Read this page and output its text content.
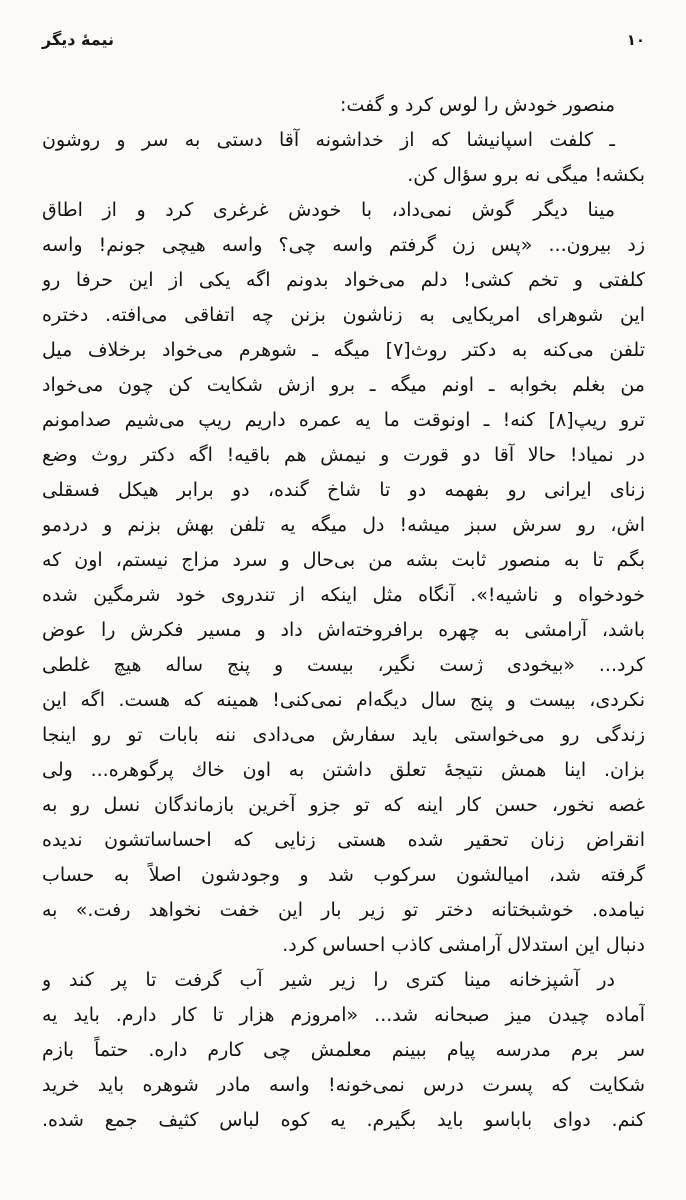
نيمهٔ ديگر	١٠
منصور خودش را لوس كرد و گفت:
ـ كلفت اسپانيشا كه از خداشونه آقا دستى به سر و روشون
بكشه! ميگى نه برو سؤال كن.
مينا ديگر گوش نمى‌داد، با خودش غرغرى كرد و از اطاق
زد بيرون... «پس زن گرفتم واسه چى؟ واسه هيچى جونم! واسه
كلفتى و تخم كشى! دلم مى‌خواد بدونم اگه يكى از اين حرفا رو
اين شوهراى امريكايى به زناشون بزنن چه اتفاقى مى‌افته. دختره
تلفن مى‌كنه به دكتر روث[٧] ميگه ـ شوهرم مى‌خواد برخلاف ميل
من بغلم بخوابه ـ اونم ميگه ـ برو ازش شكايت كن چون مى‌خواد
ترو ريپ[٨] كنه! ـ اونوقت ما يه عمره داريم ريپ مى‌شيم صدامونم
در نمياد! حالا آقا دو قورت و نيمش هم باقيه! اگه دكتر روث وضع
زناى ايرانى رو بفهمه دو تا شاخ گنده، دو برابر هيكل فسقلى
اش، رو سرش سبز ميشه! دل ميگه يه تلفن بهش بزنم و دردمو
بگم تا به منصور ثابت بشه من بى‌حال و سرد مزاج نيستم، اون كه
خودخواه و ناشيه!». آنگاه مثل اينكه از تندروى خود شرمگين شده
باشد، آرامشى به چهره برافروخته‌اش داد و مسير فكرش را عوض
كرد... «بيخودى ژست نگير، بيست و پنج ساله هيچ غلطى
نكردى، بيست و پنج سال ديگه‌ام نمى‌كنى! همينه كه هست. اگه اين
زندگى رو مى‌خواستى بايد سفارش مى‌دادى ننه بابات تو رو اينجا
بزان. اينا همش نتيجهٔ تعلق داشتن به اون خاك پرگوهره... ولى
غصه نخور، حسن كار اينه كه تو جزو آخرين بازماندگان نسل رو به
انقراض زنان تحقير شده هستى زنايى كه احساساتشون نديده
گرفته شد، اميالشون سركوب شد و وجودشون اصلاً به حساب
نيامده. خوشبختانه دختر تو زير بار اين خفت نخواهد رفت.» به
دنبال اين استدلال آرامشى كاذب احساس كرد.
در آشپزخانه مينا كترى را زير شير آب گرفت تا پر كند و
آماده چيدن ميز صبحانه شد... «امروزم هزار تا كار دارم. بايد يه
سر برم مدرسه پيام ببينم معلمش چى كارم داره. حتماً بازم
شكايت كه پسرت درس نمى‌خونه! واسه مادر شوهره بايد خريد
كنم. دواى باباسو بايد بگيرم. يه كوه لباس كثيف جمع شده.
